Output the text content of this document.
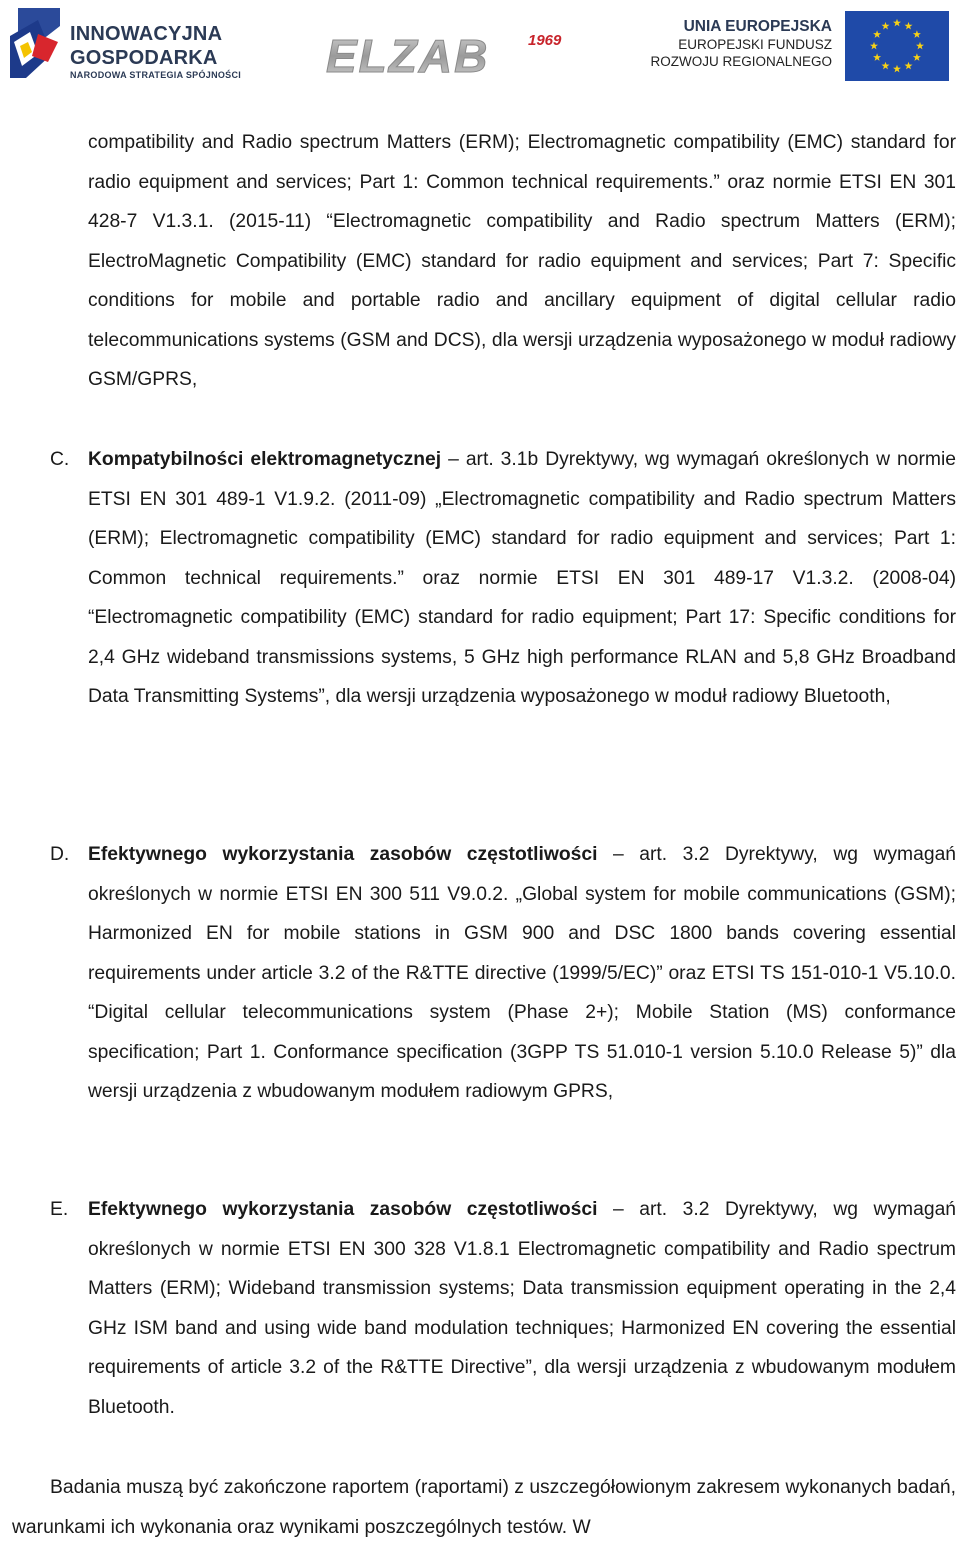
INNOWACYJNA
GOSPODARKA
NARODOWA STRATEGIA SPÓJNOŚCI ELZAB	1969
UNIA EUROPEJSKA
EUROPEJSKI FUNDUSZ
ROZWOJU REGIONALNEGO

compatibility and Radio spectrum Matters (ERM); Electromagnetic compatibility (EMC) standard for radio equipment and services; Part 1: Common technical requirements.” oraz normie ETSI EN 301 428-7 V1.3.1. (2015-11) “Electromagnetic compatibility and Radio spectrum Matters (ERM); ElectroMagnetic Compatibility (EMC) standard for radio equipment and services; Part 7: Specific conditions for mobile and portable radio and ancillary equipment of digital cellular radio telecommunications systems (GSM and DCS), dla wersji urządzenia wyposażonego w moduł radiowy GSM/GPRS,

C. Kompatybilności elektromagnetycznej – art. 3.1b Dyrektywy, wg wymagań określonych w normie ETSI EN 301 489-1 V1.9.2. (2011-09) „Electromagnetic compatibility and Radio spectrum Matters (ERM); Electromagnetic compatibility (EMC) standard for radio equipment and services; Part 1: Common technical requirements.” oraz normie ETSI EN 301 489-17 V1.3.2. (2008-04) “Electromagnetic compatibility (EMC) standard for radio equipment; Part 17: Specific conditions for 2,4 GHz wideband transmissions systems, 5 GHz high performance RLAN and 5,8 GHz Broadband Data Transmitting Systems”, dla wersji urządzenia wyposażonego w moduł radiowy Bluetooth,
D. Efektywnego wykorzystania zasobów częstotliwości – art. 3.2 Dyrektywy, wg wymagań określonych w normie ETSI EN 300 511 V9.0.2. „Global system for mobile communications (GSM); Harmonized EN for mobile stations in GSM 900 and DSC 1800 bands covering essential requirements under article 3.2 of the R&TTE directive (1999/5/EC)” oraz ETSI TS 151-010-1 V5.10.0. “Digital cellular telecommunications system (Phase 2+); Mobile Station (MS) conformance specification; Part 1. Conformance specification (3GPP TS 51.010-1 version 5.10.0 Release 5)” dla wersji urządzenia z wbudowanym modułem radiowym GPRS,
E. Efektywnego wykorzystania zasobów częstotliwości – art. 3.2 Dyrektywy, wg wymagań określonych w normie ETSI EN 300 328 V1.8.1 Electromagnetic compatibility and Radio spectrum Matters (ERM); Wideband transmission systems; Data transmission equipment operating in the 2,4 GHz ISM band and using wide band modulation techniques; Harmonized EN covering the essential requirements of article 3.2 of the R&TTE Directive”, dla wersji urządzenia z wbudowanym modułem Bluetooth.

Badania muszą być zakończone raportem (raportami) z uszczegółowionym zakresem wykonanych badań, warunkami ich wykonania oraz wynikami poszczególnych testów. W
